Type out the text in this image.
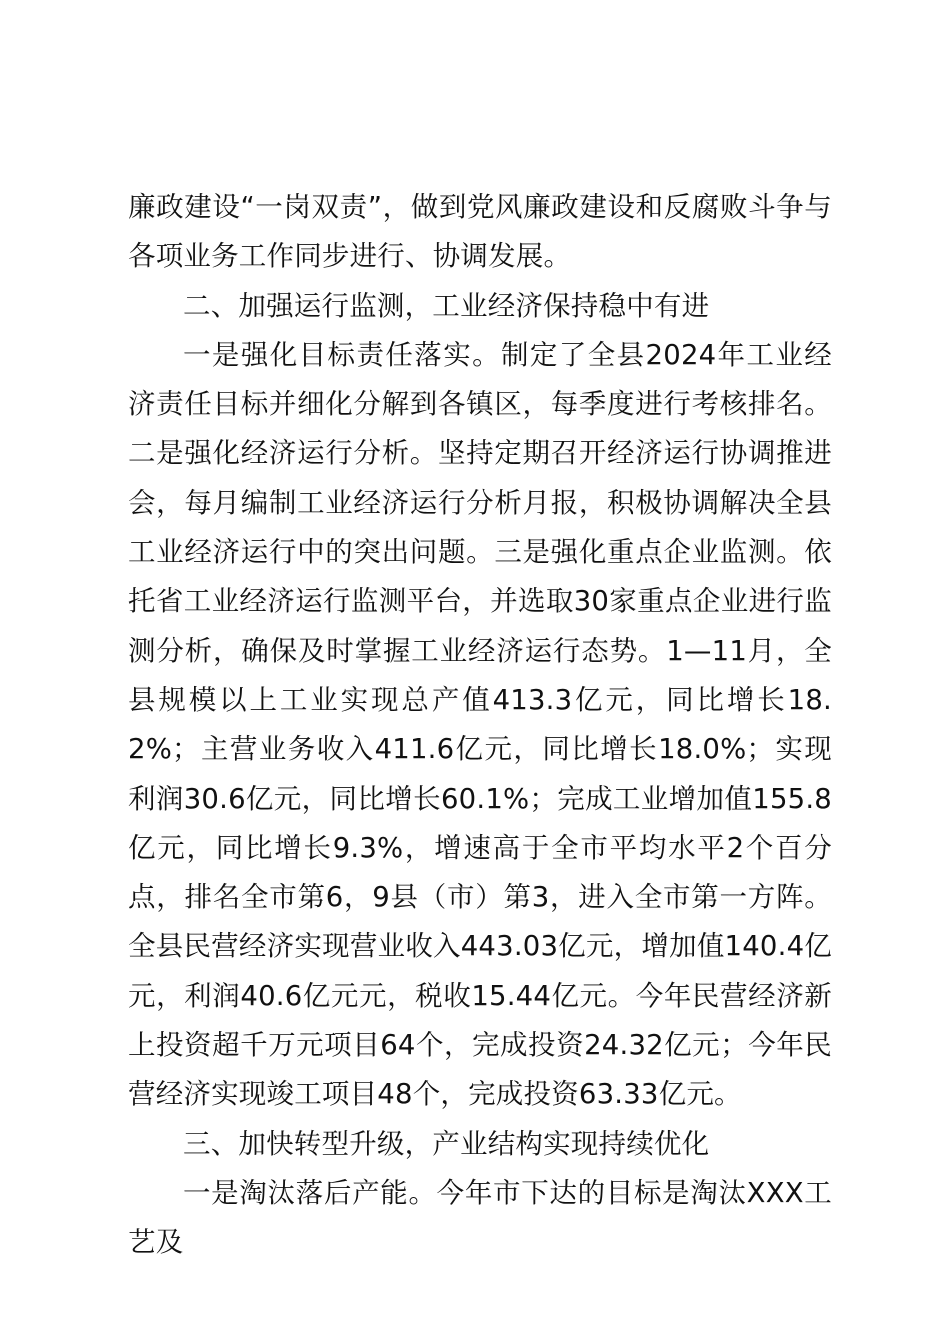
廉政建设“一岗双责”，做到党风廉政建设和反腐败斗争与各项业务工作同步进行、协调发展。

二、加强运行监测，工业经济保持稳中有进

一是强化目标责任落实。制定了全县2024年工业经济责任目标并细化分解到各镇区，每季度进行考核排名。二是强化经济运行分析。坚持定期召开经济运行协调推进会，每月编制工业经济运行分析月报，积极协调解决全县工业经济运行中的突出问题。三是强化重点企业监测。依托省工业经济运行监测平台，并选取30家重点企业进行监测分析，确保及时掌握工业经济运行态势。1—11月，全县规模以上工业实现总产值413.3亿元，同比增长18.2%；主营业务收入411.6亿元，同比增长18.0%；实现利润30.6亿元，同比增长60.1%；完成工业增加值155.8亿元，同比增长9.3%，增速高于全市平均水平2个百分点，排名全市第6，9县（市）第3，进入全市第一方阵。全县民营经济实现营业收入443.03亿元，增加值140.4亿元，利润40.6亿元元，税收15.44亿元。今年民营经济新上投资超千万元项目64个，完成投资24.32亿元；今年民营经济实现竣工项目48个，完成投资63.33亿元。

三、加快转型升级，产业结构实现持续优化

一是淘汰落后产能。今年市下达的目标是淘汰XXX工艺及
